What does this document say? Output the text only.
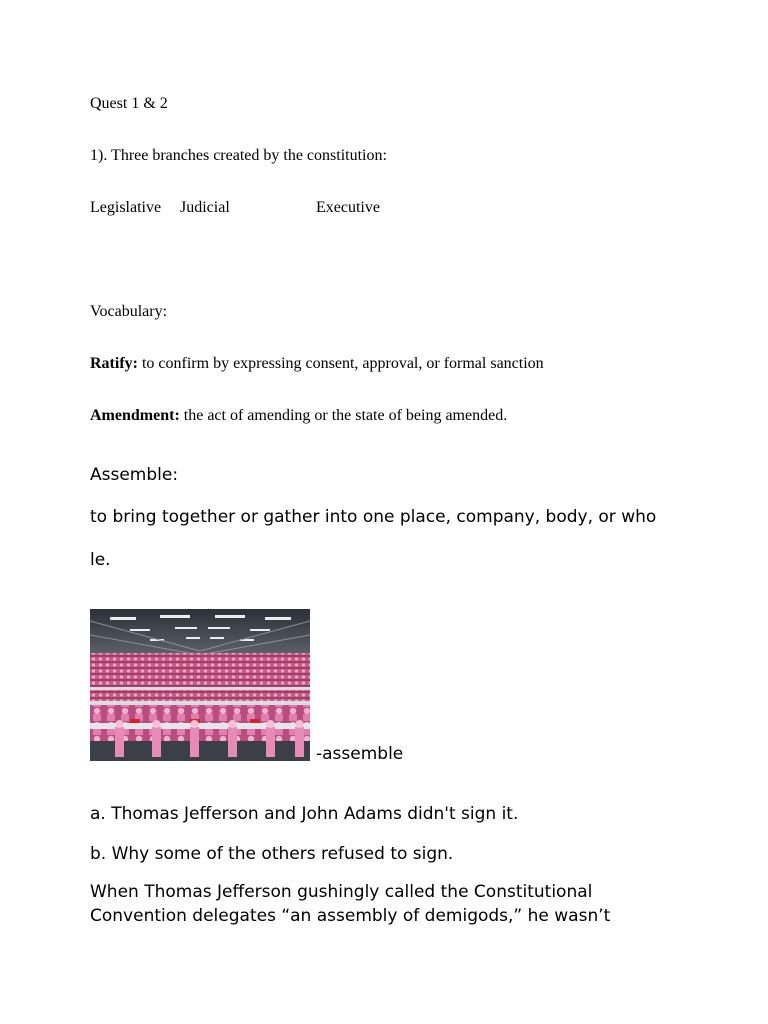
Quest 1 & 2
1). Three branches created by the constitution:
Legislative Judicial	Executive
Vocabulary:
Ratify: to confirm by expressing consent, approval, or formal sanction
Amendment: the act of amending or the state of being amended.
Assemble:
to bring together or gather into one place, company, body, or who
le.
-assemble
a. Thomas Jefferson and John Adams didn't sign it.
b. Why some of the others refused to sign.
When Thomas Jefferson gushingly called the Constitutional
Convention delegates “an assembly of demigods,” he wasn’t
